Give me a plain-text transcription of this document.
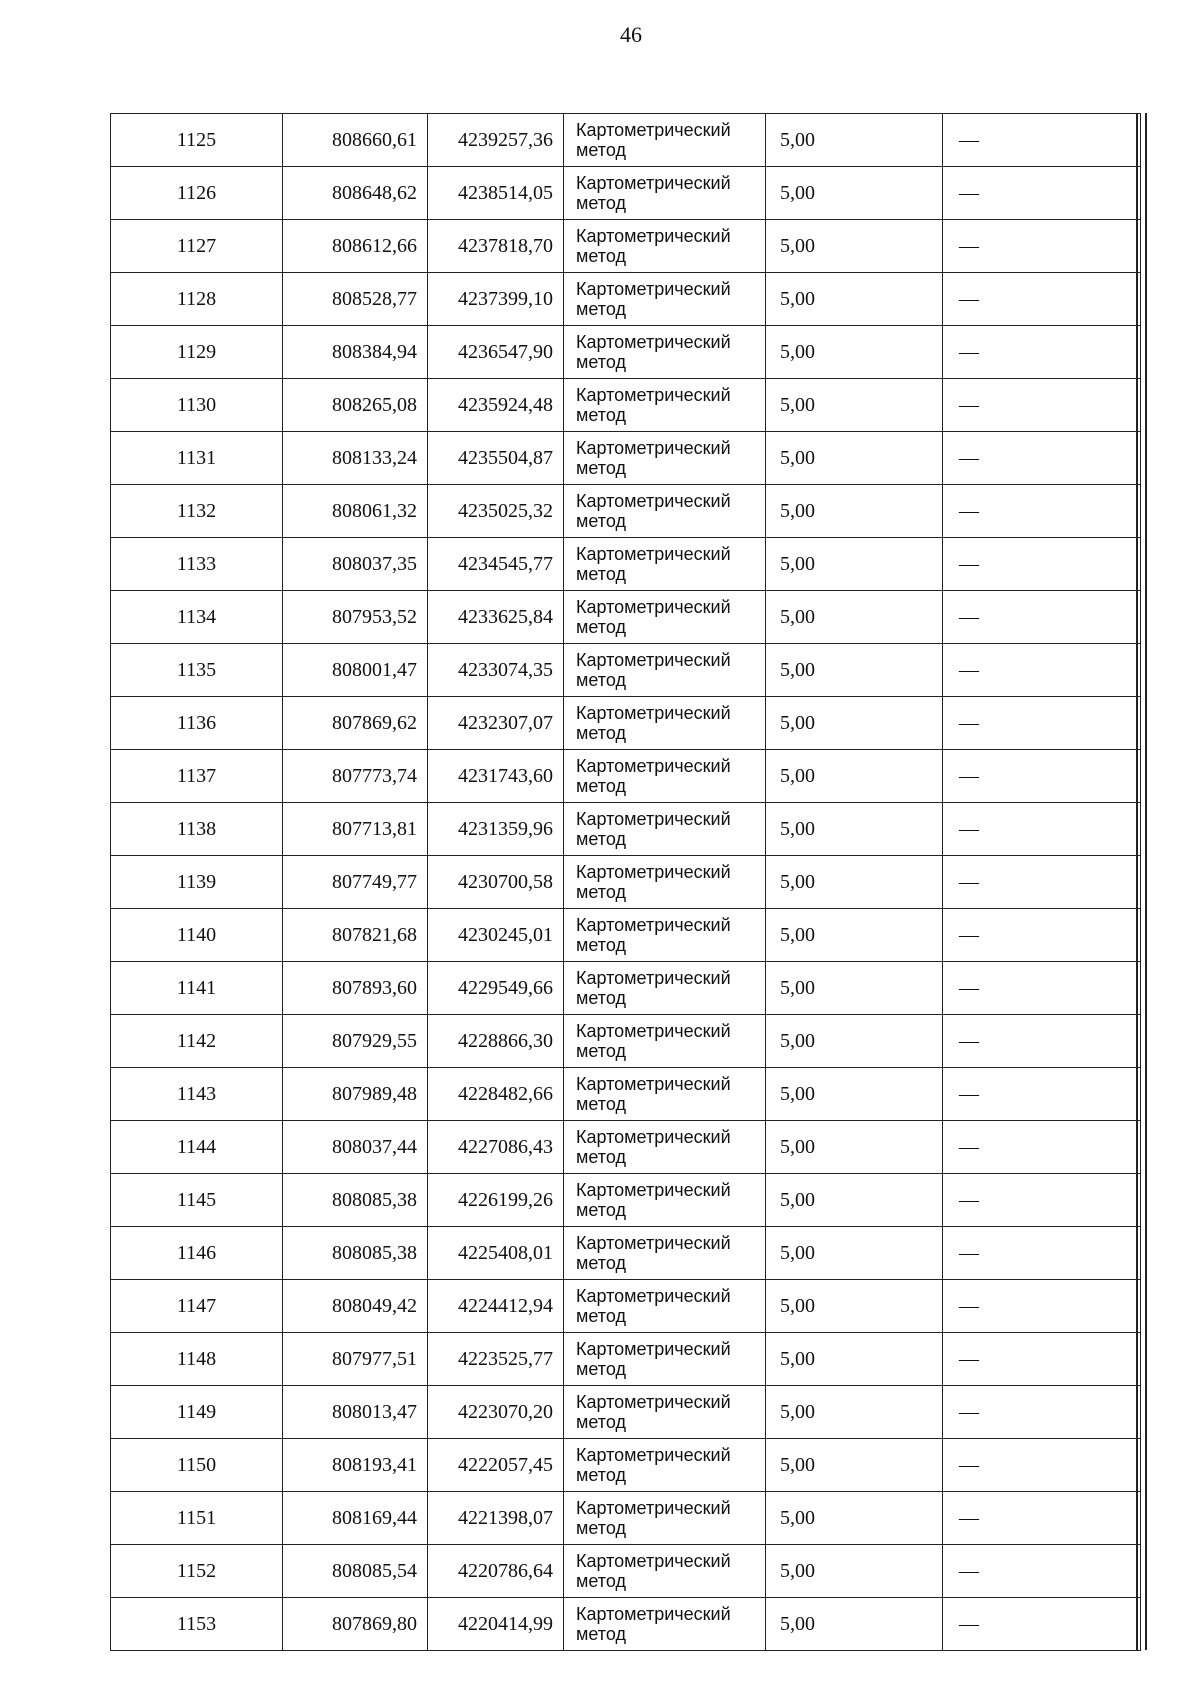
46
1125	808660,61	4239257,36	Картометрический метод	5,00	—
1126	808648,62	4238514,05	Картометрический метод	5,00	—
1127	808612,66	4237818,70	Картометрический метод	5,00	—
1128	808528,77	4237399,10	Картометрический метод	5,00	—
1129	808384,94	4236547,90	Картометрический метод	5,00	—
1130	808265,08	4235924,48	Картометрический метод	5,00	—
1131	808133,24	4235504,87	Картометрический метод	5,00	—
1132	808061,32	4235025,32	Картометрический метод	5,00	—
1133	808037,35	4234545,77	Картометрический метод	5,00	—
1134	807953,52	4233625,84	Картометрический метод	5,00	—
1135	808001,47	4233074,35	Картометрический метод	5,00	—
1136	807869,62	4232307,07	Картометрический метод	5,00	—
1137	807773,74	4231743,60	Картометрический метод	5,00	—
1138	807713,81	4231359,96	Картометрический метод	5,00	—
1139	807749,77	4230700,58	Картометрический метод	5,00	—
1140	807821,68	4230245,01	Картометрический метод	5,00	—
1141	807893,60	4229549,66	Картометрический метод	5,00	—
1142	807929,55	4228866,30	Картометрический метод	5,00	—
1143	807989,48	4228482,66	Картометрический метод	5,00	—
1144	808037,44	4227086,43	Картометрический метод	5,00	—
1145	808085,38	4226199,26	Картометрический метод	5,00	—
1146	808085,38	4225408,01	Картометрический метод	5,00	—
1147	808049,42	4224412,94	Картометрический метод	5,00	—
1148	807977,51	4223525,77	Картометрический метод	5,00	—
1149	808013,47	4223070,20	Картометрический метод	5,00	—
1150	808193,41	4222057,45	Картометрический метод	5,00	—
1151	808169,44	4221398,07	Картометрический метод	5,00	—
1152	808085,54	4220786,64	Картометрический метод	5,00	—
1153	807869,80	4220414,99	Картометрический метод	5,00	—
